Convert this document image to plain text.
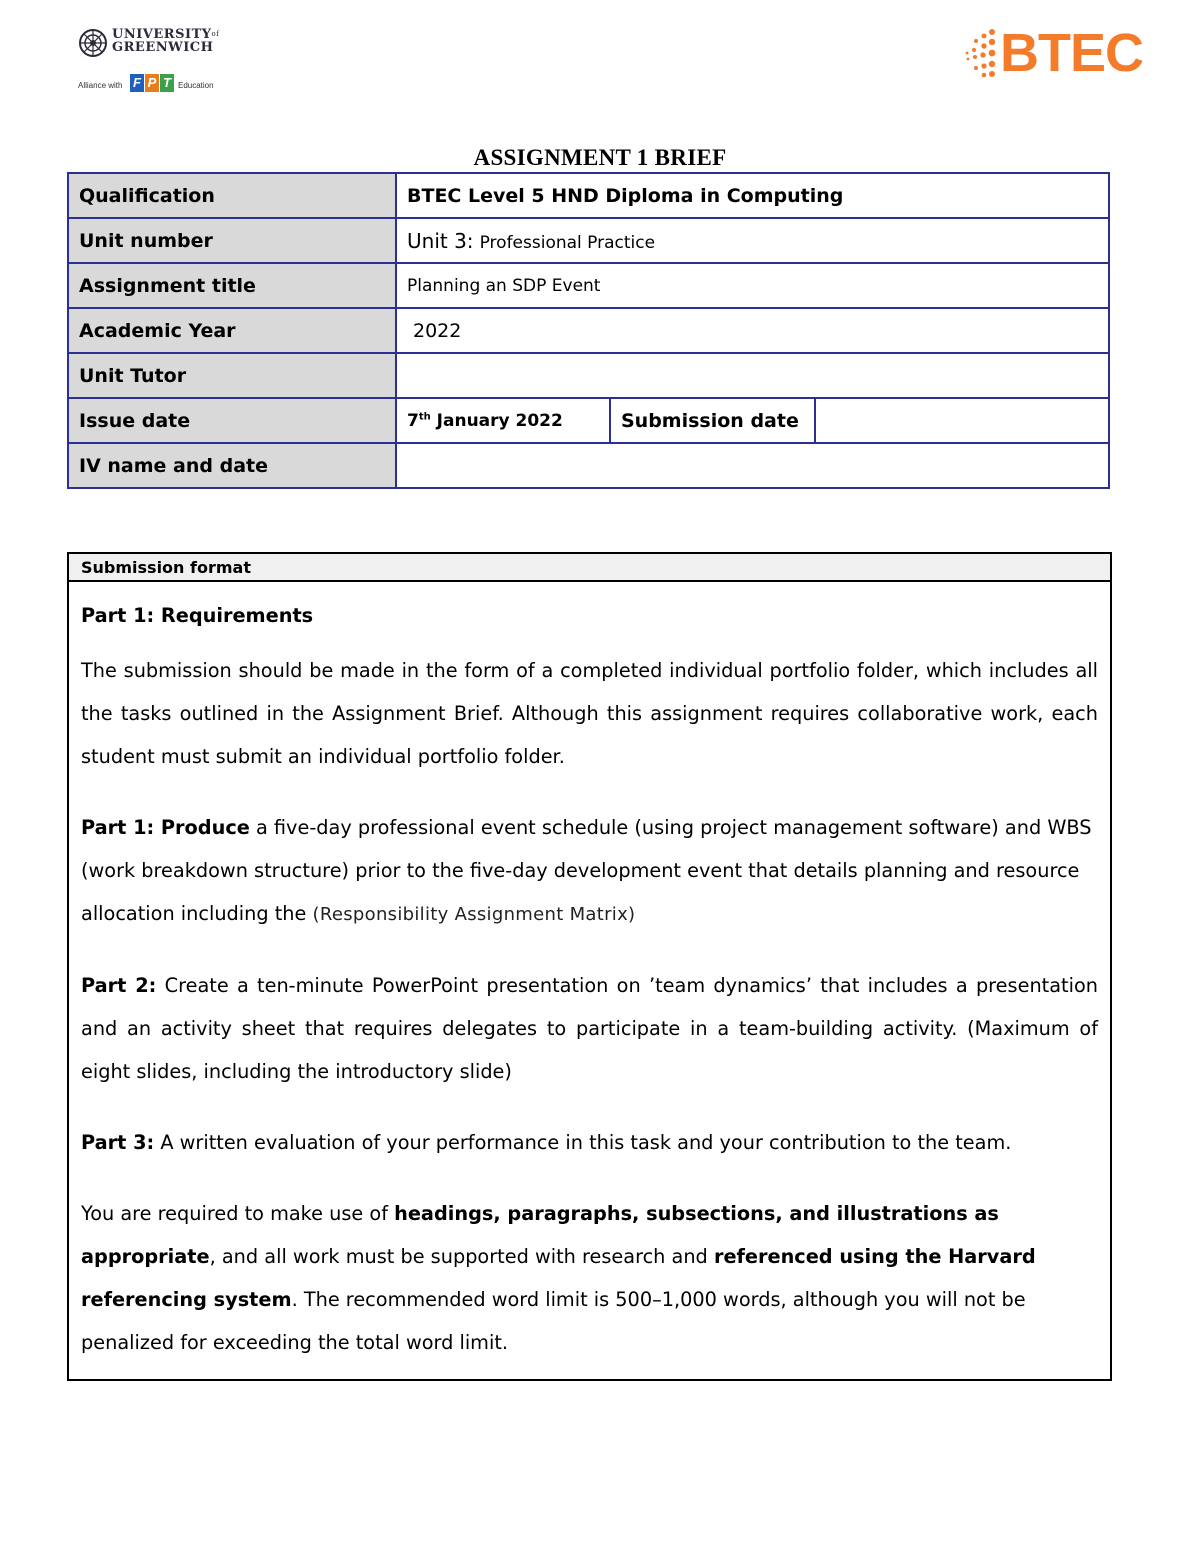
$UNIVERSITY^{of}$
GREENWICH
Alliance with F P T Education
BTEC
ASSIGNMENT 1 BRIEF
Qualification	BTEC Level 5 HND Diploma in Computing		
Unit number	Unit 3: Professional Practice		
Assignment title	Planning an SDP Event		
Academic Year	2022		
Unit Tutor			
Issue date	7th January 2022	Submission date	
IV name and date			
Submission format

Part 1: Requirements

The submission should be made in the form of a completed individual portfolio folder, which includes all the tasks outlined in the Assignment Brief. Although this assignment requires collaborative work, each student must submit an individual portfolio folder.

Part 1: Produce a five-day professional event schedule (using project management software) and WBS (work breakdown structure) prior to the five-day development event that details planning and resource allocation including the (Responsibility Assignment Matrix)

Part 2: Create a ten-minute PowerPoint presentation on ’team dynamics’ that includes a presentation and an activity sheet that requires delegates to participate in a team-building activity. (Maximum of eight slides, including the introductory slide)

Part 3: A written evaluation of your performance in this task and your contribution to the team.

You are required to make use of headings, paragraphs, subsections, and illustrations as appropriate, and all work must be supported with research and referenced using the Harvard referencing system. The recommended word limit is 500–1,000 words, although you will not be penalized for exceeding the total word limit.
